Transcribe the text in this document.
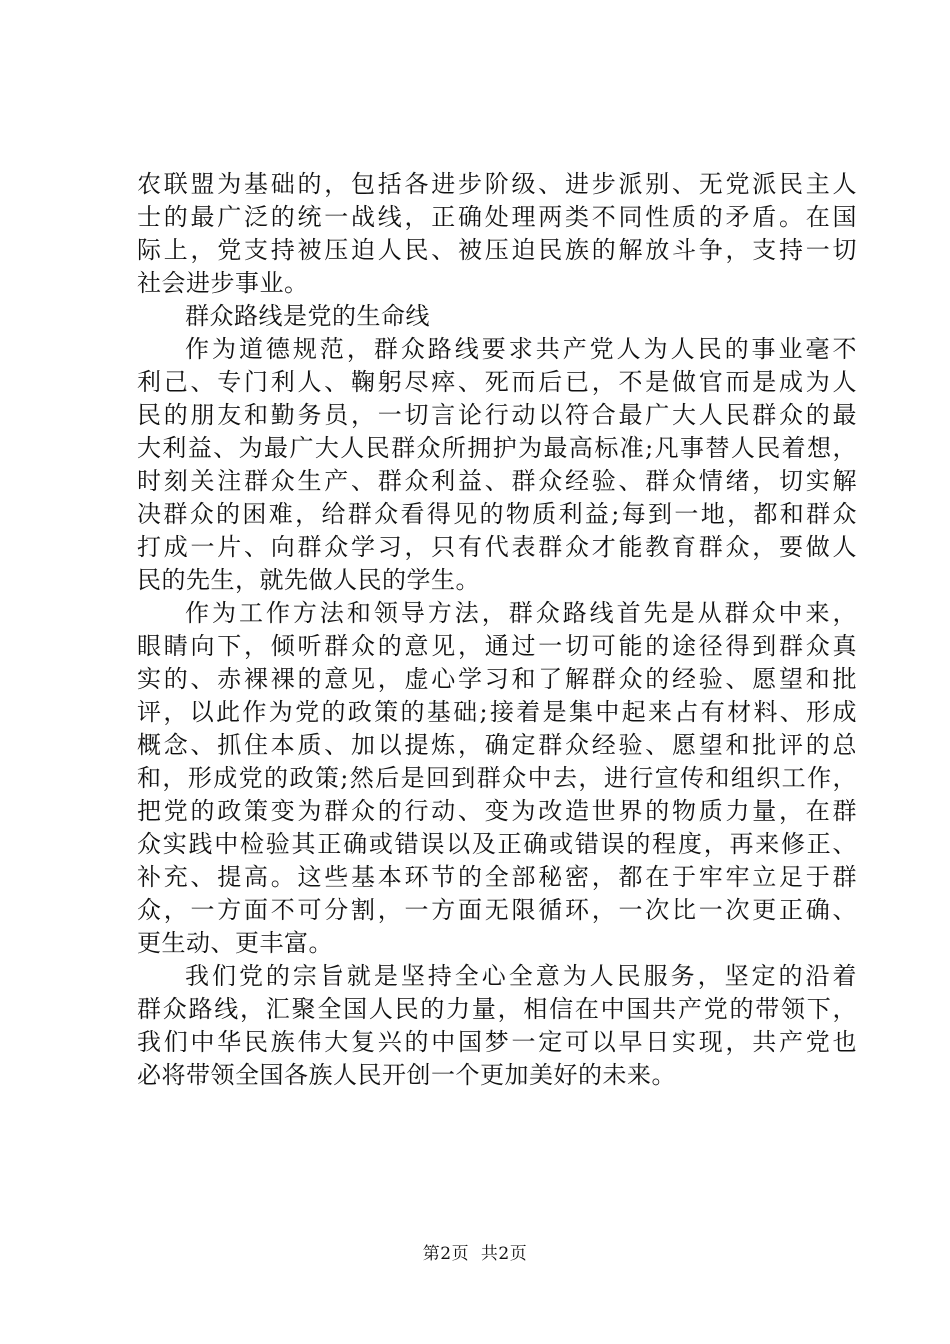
农联盟为基础的，包括各进步阶级、进步派别、无党派民主人
士的最广泛的统一战线，正确处理两类不同性质的矛盾。在国
际上，党支持被压迫人民、被压迫民族的解放斗争，支持一切
社会进步事业。
群众路线是党的生命线
作为道德规范，群众路线要求共产党人为人民的事业毫不
利己、专门利人、鞠躬尽瘁、死而后已，不是做官而是成为人
民的朋友和勤务员，一切言论行动以符合最广大人民群众的最
大利益、为最广大人民群众所拥护为最高标准;凡事替人民着想，
时刻关注群众生产、群众利益、群众经验、群众情绪，切实解
决群众的困难，给群众看得见的物质利益;每到一地，都和群众
打成一片、向群众学习，只有代表群众才能教育群众，要做人
民的先生，就先做人民的学生。
作为工作方法和领导方法，群众路线首先是从群众中来，
眼睛向下，倾听群众的意见，通过一切可能的途径得到群众真
实的、赤裸裸的意见，虚心学习和了解群众的经验、愿望和批
评，以此作为党的政策的基础;接着是集中起来占有材料、形成
概念、抓住本质、加以提炼，确定群众经验、愿望和批评的总
和，形成党的政策;然后是回到群众中去，进行宣传和组织工作，
把党的政策变为群众的行动、变为改造世界的物质力量，在群
众实践中检验其正确或错误以及正确或错误的程度，再来修正、
补充、提高。这些基本环节的全部秘密，都在于牢牢立足于群
众，一方面不可分割，一方面无限循环，一次比一次更正确、
更生动、更丰富。
我们党的宗旨就是坚持全心全意为人民服务，坚定的沿着
群众路线，汇聚全国人民的力量，相信在中国共产党的带领下，
我们中华民族伟大复兴的中国梦一定可以早日实现，共产党也
必将带领全国各族人民开创一个更加美好的未来。
第2页  共2页
